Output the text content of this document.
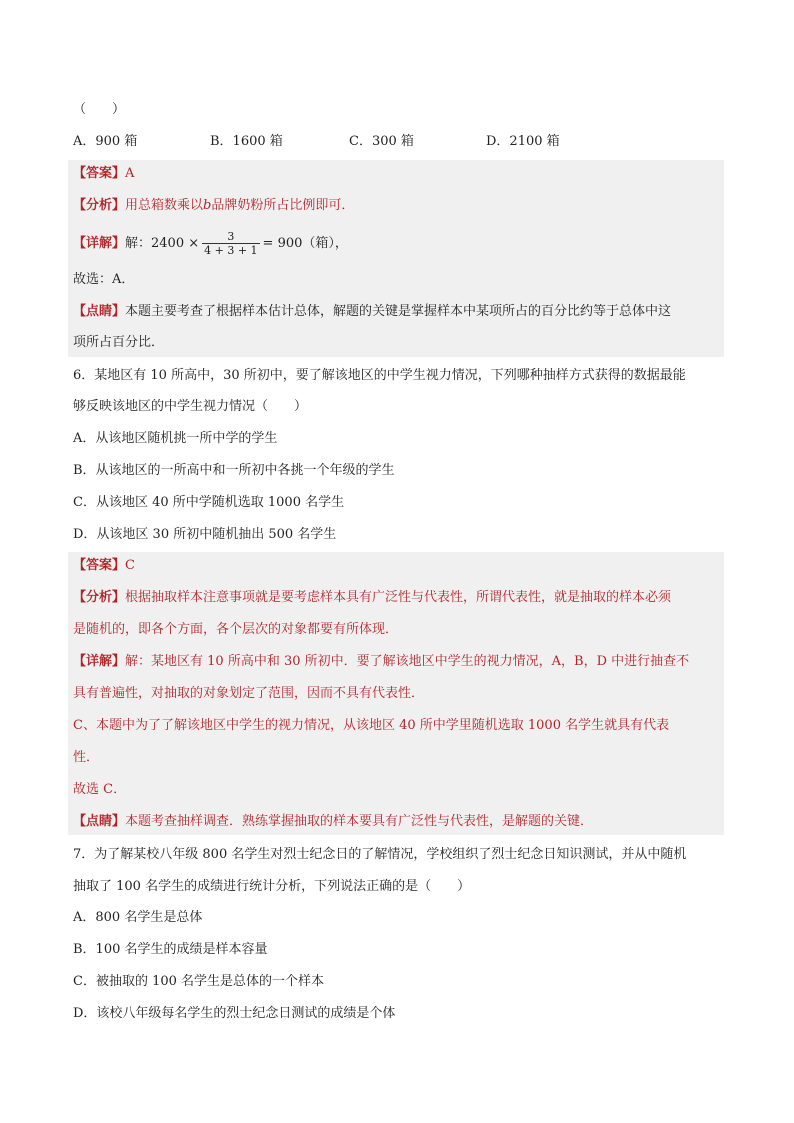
（　　）
A．900 箱	B．1600 箱	C．300 箱	D．2100 箱
【答案】A
【分析】用总箱数乘以b品牌奶粉所占比例即可．
【详解】解：$2400 \times \frac{3}{4 + 3 + 1} = 900$（箱），
故选：A．
【点睛】本题主要考查了根据样本估计总体，解题的关键是掌握样本中某项所占的百分比约等于总体中这
项所占百分比．
6．某地区有 10 所高中，30 所初中，要了解该地区的中学生视力情况，下列哪种抽样方式获得的数据最能
够反映该地区的中学生视力情况（　　）
A．从该地区随机挑一所中学的学生
B．从该地区的一所高中和一所初中各挑一个年级的学生
C．从该地区 40 所中学随机选取 1000 名学生
D．从该地区 30 所初中随机抽出 500 名学生
【答案】C
【分析】根据抽取样本注意事项就是要考虑样本具有广泛性与代表性，所谓代表性，就是抽取的样本必须
是随机的，即各个方面，各个层次的对象都要有所体现．
【详解】解：某地区有 10 所高中和 30 所初中．要了解该地区中学生的视力情况，A，B，D 中进行抽查不
具有普遍性，对抽取的对象划定了范围，因而不具有代表性．
C、本题中为了了解该地区中学生的视力情况，从该地区 40 所中学里随机选取 1000 名学生就具有代表
性．
故选 C．
【点睛】本题考查抽样调查．熟练掌握抽取的样本要具有广泛性与代表性，是解题的关键．
7．为了解某校八年级 800 名学生对烈士纪念日的了解情况，学校组织了烈士纪念日知识测试，并从中随机
抽取了 100 名学生的成绩进行统计分析，下列说法正确的是（　　）
A．800 名学生是总体
B．100 名学生的成绩是样本容量
C．被抽取的 100 名学生是总体的一个样本
D．该校八年级每名学生的烈士纪念日测试的成绩是个体
